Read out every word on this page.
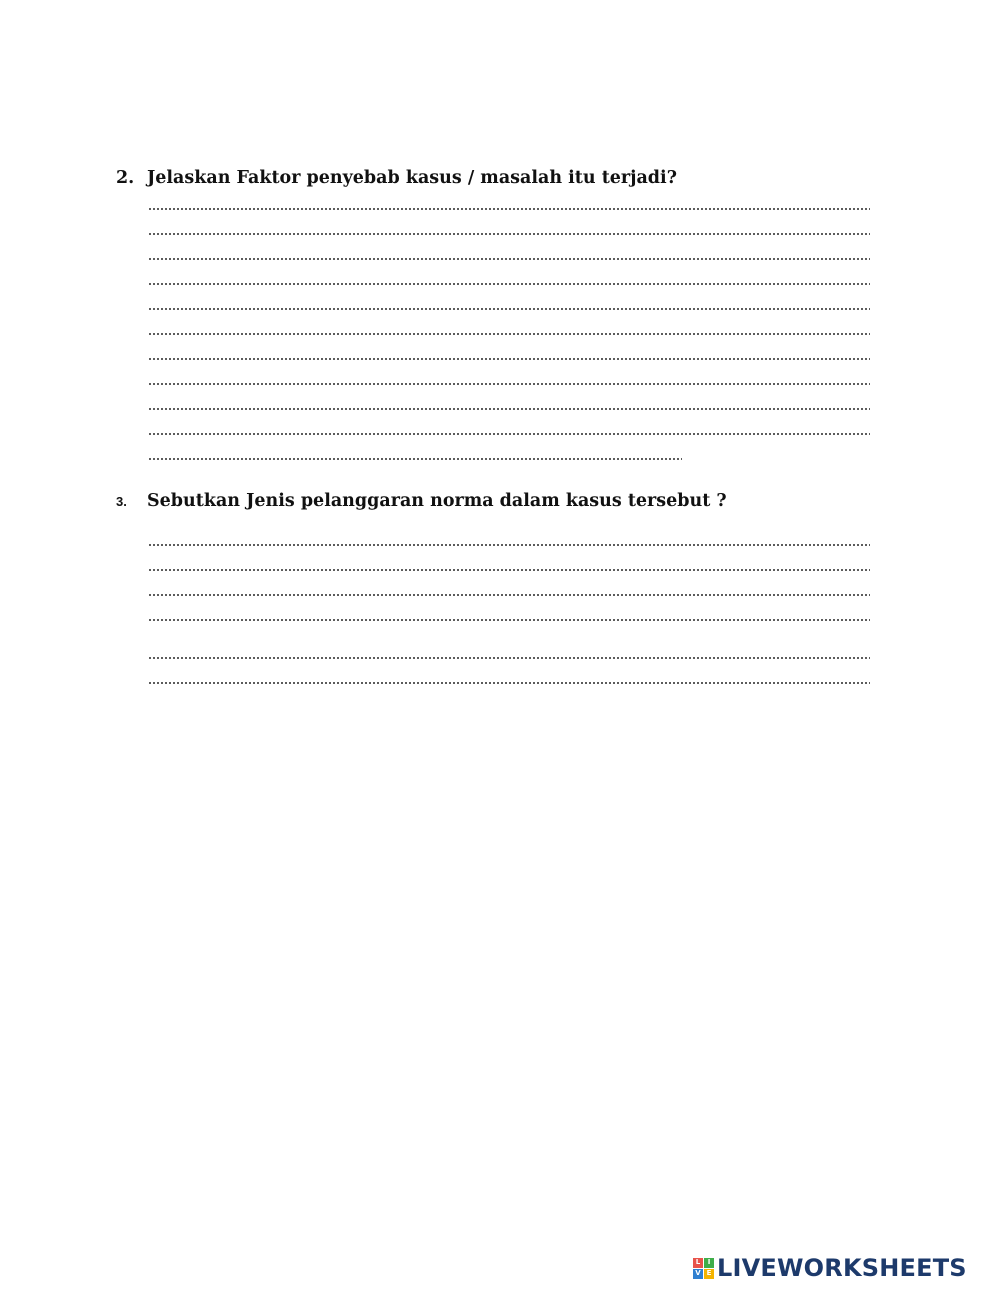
2. Jelaskan Faktor penyebab kasus / masalah itu terjadi?
3.	Sebutkan Jenis pelanggaran norma dalam kasus tersebut ?
L	I
V E LIVEWORKSHEETS
